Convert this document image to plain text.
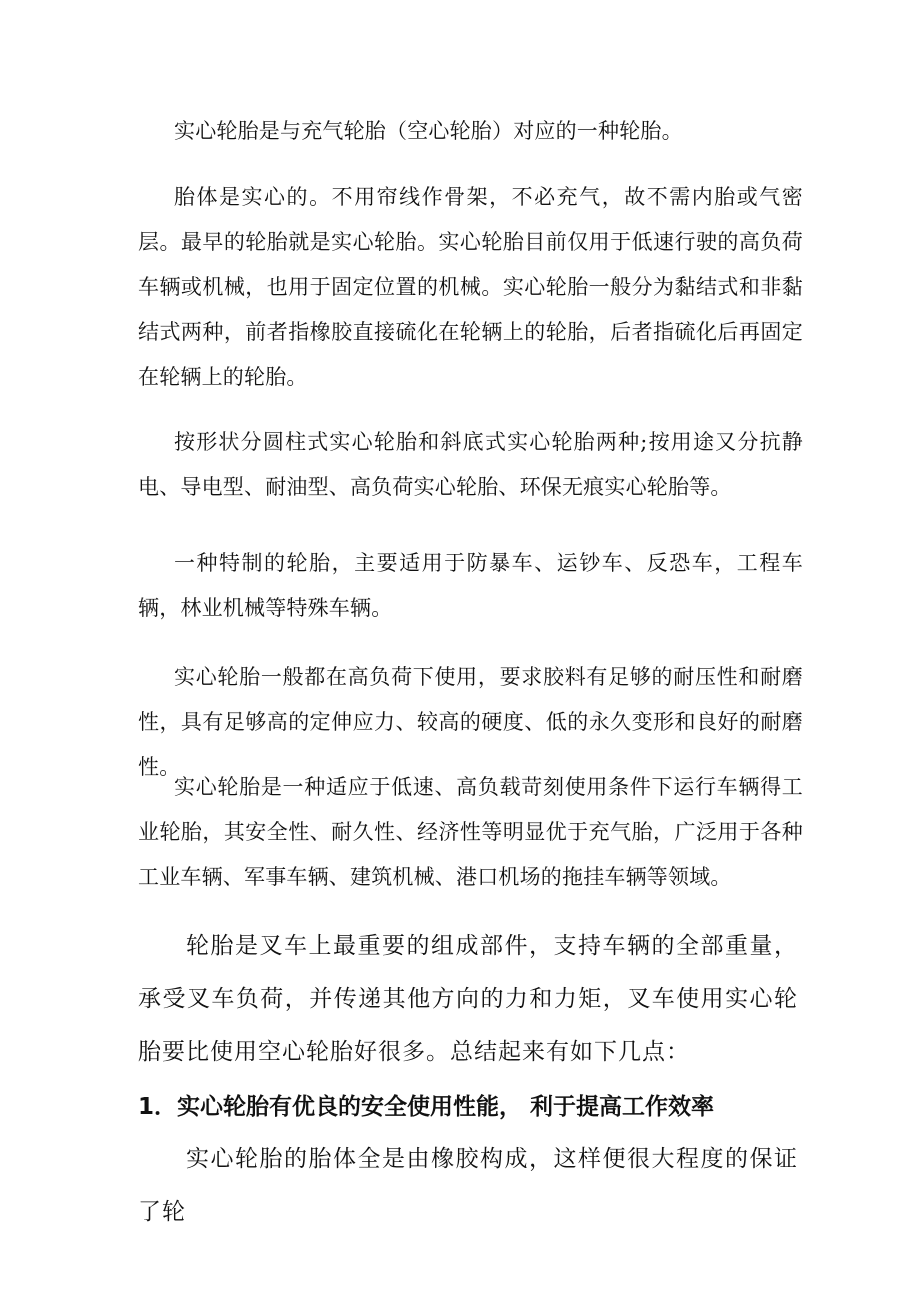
实心轮胎是与充气轮胎（空心轮胎）对应的一种轮胎。

胎体是实心的。不用帘线作骨架，不必充气，故不需内胎或气密层。最早的轮胎就是实心轮胎。实心轮胎目前仅用于低速行驶的高负荷车辆或机械，也用于固定位置的机械。实心轮胎一般分为黏结式和非黏结式两种，前者指橡胶直接硫化在轮辆上的轮胎，后者指硫化后再固定在轮辆上的轮胎。

按形状分圆柱式实心轮胎和斜底式实心轮胎两种;按用途又分抗静电、导电型、耐油型、高负荷实心轮胎、环保无痕实心轮胎等。

一种特制的轮胎，主要适用于防暴车、运钞车、反恐车，工程车辆，林业机械等特殊车辆。

实心轮胎一般都在高负荷下使用，要求胶料有足够的耐压性和耐磨性，具有足够高的定伸应力、较高的硬度、低的永久变形和良好的耐磨性。

实心轮胎是一种适应于低速、高负载苛刻使用条件下运行车辆得工业轮胎，其安全性、耐久性、经济性等明显优于充气胎，广泛用于各种工业车辆、军事车辆、建筑机械、港口机场的拖挂车辆等领域。

轮胎是叉车上最重要的组成部件，支持车辆的全部重量，承受叉车负荷，并传递其他方向的力和力矩，叉车使用实心轮胎要比使用空心轮胎好很多。总结起来有如下几点：

1．实心轮胎有优良的安全使用性能， 利于提高工作效率

实心轮胎的胎体全是由橡胶构成，这样便很大程度的保证了轮
